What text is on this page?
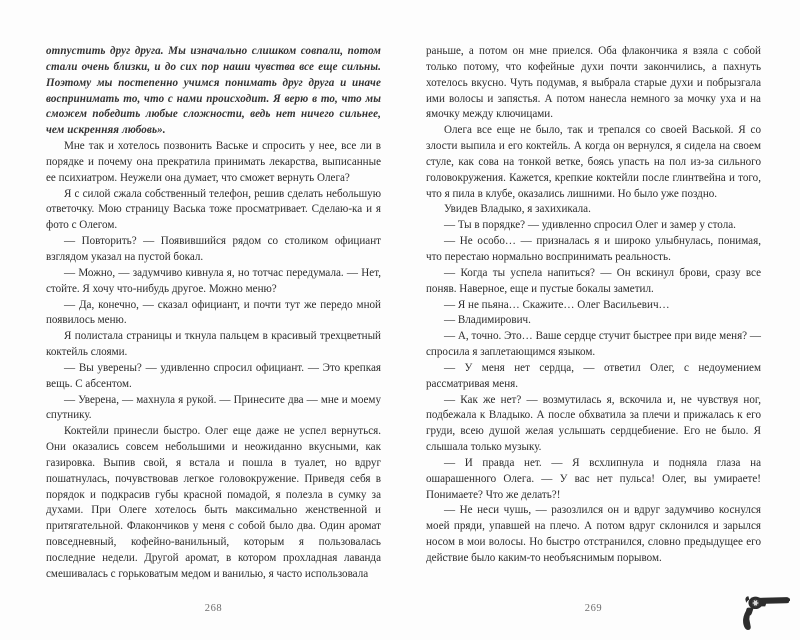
отпустить друг друга. Мы изначально слишком совпали, потом стали очень близки, и до сих пор наши чувства все еще сильны. Поэтому мы постепенно учимся понимать друг друга и иначе воспринимать то, что с нами происходит. Я верю в то, что мы сможем победить любые сложности, ведь нет ничего сильнее, чем искренняя любовь».

Мне так и хотелось позвонить Ваське и спросить у нее, все ли в порядке и почему она прекратила принимать лекарства, выписанные ее психиатром. Неужели она думает, что сможет вернуть Олега?

Я с силой сжала собственный телефон, решив сделать небольшую ответочку. Мою страницу Васька тоже просматривает. Сделаю-ка и я фото с Олегом.

— Повторить? — Появившийся рядом со столиком официант взглядом указал на пустой бокал.

— Можно, — задумчиво кивнула я, но тотчас передумала. — Нет, стойте. Я хочу что-нибудь другое. Можно меню?

— Да, конечно, — сказал официант, и почти тут же передо мной появилось меню.

Я полистала страницы и ткнула пальцем в красивый трехцветный коктейль слоями.

— Вы уверены? — удивленно спросил официант. — Это крепкая вещь. С абсентом.

— Уверена, — махнула я рукой. — Принесите два — мне и моему спутнику.

Коктейли принесли быстро. Олег еще даже не успел вернуться. Они оказались совсем небольшими и неожиданно вкусными, как газировка. Выпив свой, я встала и пошла в туалет, но вдруг пошатнулась, почувствовав легкое головокружение. Приведя себя в порядок и подкрасив губы красной помадой, я полезла в сумку за духами. При Олеге хотелось быть максимально женственной и притягательной. Флакончиков у меня с собой было два. Один аромат повседневный, кофейно-ванильный, которым я пользовалась последние недели. Другой аромат, в котором прохладная лаванда смешивалась с горьковатым медом и ванилью, я часто использовала

268

раньше, а потом он мне приелся. Оба флакончика я взяла с собой только потому, что кофейные духи почти закончились, а пахнуть хотелось вкусно. Чуть подумав, я выбрала старые духи и побрызгала ими волосы и запястья. А потом нанесла немного за мочку уха и на ямочку между ключицами.

Олега все еще не было, так и трепался со своей Васькой. Я со злости выпила и его коктейль. А когда он вернулся, я сидела на своем стуле, как сова на тонкой ветке, боясь упасть на пол из-за сильного головокружения. Кажется, крепкие коктейли после глинтвейна и того, что я пила в клубе, оказались лишними. Но было уже поздно.

Увидев Владыко, я захихикала.

— Ты в порядке? — удивленно спросил Олег и замер у стола.

— Не особо… — призналась я и широко улыбнулась, понимая, что перестаю нормально воспринимать реальность.

— Когда ты успела напиться? — Он вскинул брови, сразу все поняв. Наверное, еще и пустые бокалы заметил.

— Я не пьяна… Скажите… Олег Васильевич…

— Владимирович.

— А, точно. Это… Ваше сердце стучит быстрее при виде меня? — спросила я заплетающимся языком.

— У меня нет сердца, — ответил Олег, с недоумением рассматривая меня.

— Как же нет? — возмутилась я, вскочила и, не чувствуя ног, подбежала к Владыко. А после обхватила за плечи и прижалась к его груди, всею душой желая услышать сердцебиение. Его не было. Я слышала только музыку.

— И правда нет. — Я всхлипнула и подняла глаза на ошарашенного Олега. — У вас нет пульса! Олег, вы умираете! Понимаете? Что же делать?!

— Не неси чушь, — разозлился он и вдруг задумчиво коснулся моей пряди, упавшей на плечо. А потом вдруг склонился и зарылся носом в мои волосы. Но быстро отстранился, словно предыдущее его действие было каким-то необъяснимым порывом.

269
